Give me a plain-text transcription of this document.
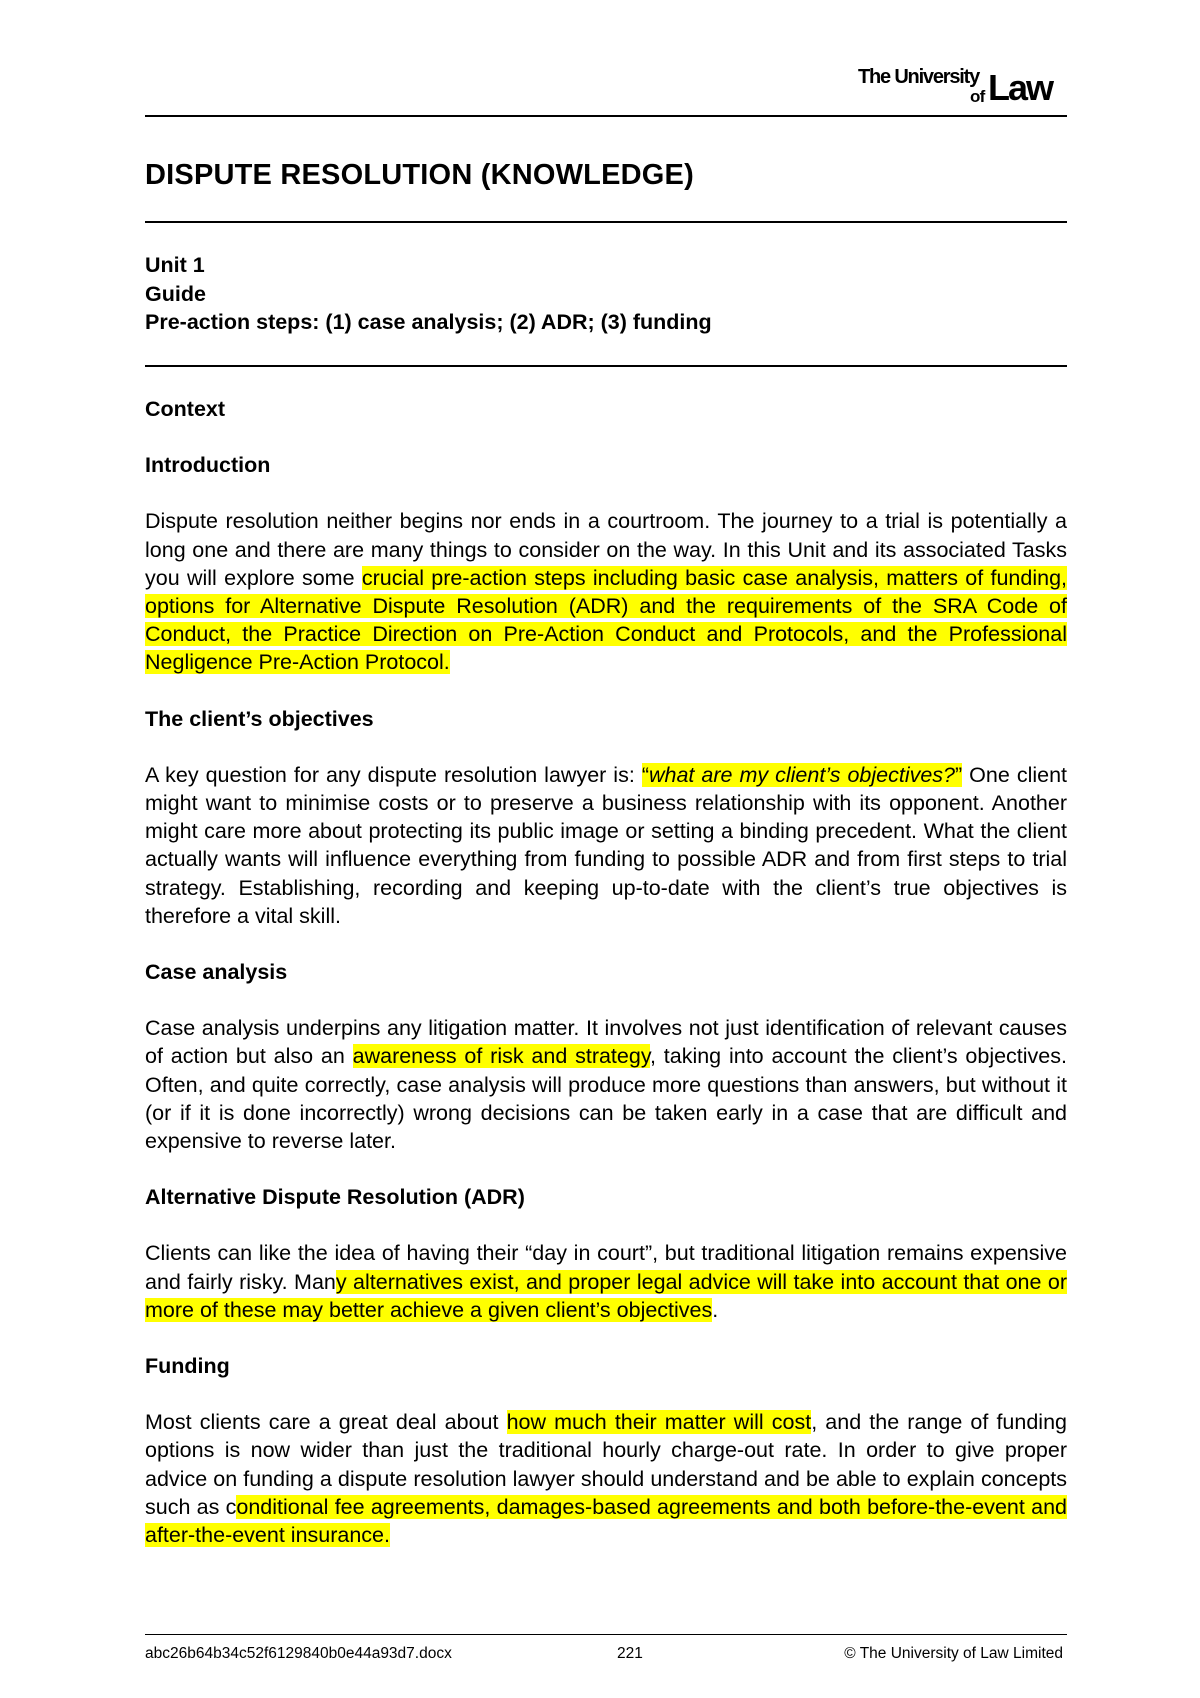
The University
of Law
DISPUTE RESOLUTION (KNOWLEDGE)
Unit 1
Guide
Pre-action steps: (1) case analysis; (2) ADR; (3) funding
Context
Introduction

Dispute resolution neither begins nor ends in a courtroom. The journey to a trial is potentially a long one and there are many things to consider on the way. In this Unit and its associated Tasks you will explore some crucial pre-action steps including basic case analysis, matters of funding, options for Alternative Dispute Resolution (ADR) and the requirements of the SRA Code of Conduct, the Practice Direction on Pre-Action Conduct and Protocols, and the Professional Negligence Pre-Action Protocol.

The client’s objectives

A key question for any dispute resolution lawyer is: “what are my client’s objectives?” One client might want to minimise costs or to preserve a business relationship with its opponent. Another might care more about protecting its public image or setting a binding precedent. What the client actually wants will influence everything from funding to possible ADR and from first steps to trial strategy. Establishing, recording and keeping up-to-date with the client’s true objectives is therefore a vital skill.

Case analysis

Case analysis underpins any litigation matter. It involves not just identification of relevant causes of action but also an awareness of risk and strategy, taking into account the client’s objectives. Often, and quite correctly, case analysis will produce more questions than answers, but without it (or if it is done incorrectly) wrong decisions can be taken early in a case that are difficult and expensive to reverse later.

Alternative Dispute Resolution (ADR)

Clients can like the idea of having their “day in court”, but traditional litigation remains expensive and fairly risky. Many alternatives exist, and proper legal advice will take into account that one or more of these may better achieve a given client’s objectives.

Funding

Most clients care a great deal about how much their matter will cost, and the range of funding options is now wider than just the traditional hourly charge-out rate. In order to give proper advice on funding a dispute resolution lawyer should understand and be able to explain concepts such as conditional fee agreements, damages-based agreements and both before-the-event and after-the-event insurance.

abc26b64b34c52f6129840b0e44a93d7.docx	221	© The University of Law Limited
